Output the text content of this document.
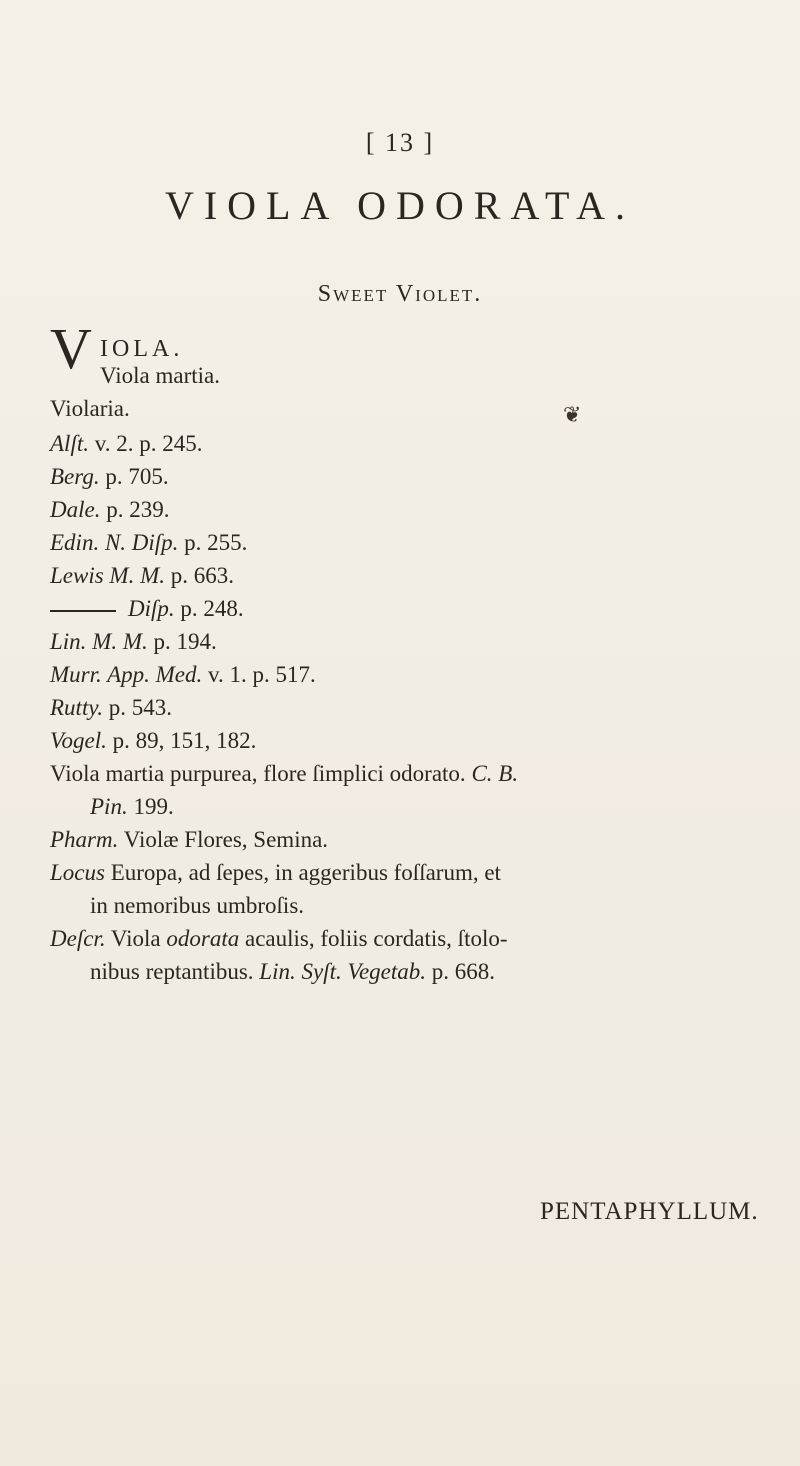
[ 13 ]
VIOLA ODORATA.
Sweet Violet.
V IOLA.
Viola martia.
Violaria.
Alſt. v. 2. p. 245.
Berg. p. 705.
Dale. p. 239.
Edin. N. Diſp. p. 255.
Lewis M. M. p. 663.
Diſp. p. 248.
Lin. M. M. p. 194.
Murr. App. Med. v. 1. p. 517.
Rutty. p. 543.
Vogel. p. 89, 151, 182.
Viola martia purpurea, flore ſimplici odorato. C. B.
Pin. 199.
Pharm. Violæ Flores, Semina.
Locus Europa, ad ſepes, in aggeribus foſſarum, et
in nemoribus umbroſis.
Deſcr. Viola odorata acaulis, foliis cordatis, ſtolo-
nibus reptantibus. Lin. Syſt. Vegetab. p. 668.
❦
PENTAPHYLLUM.
